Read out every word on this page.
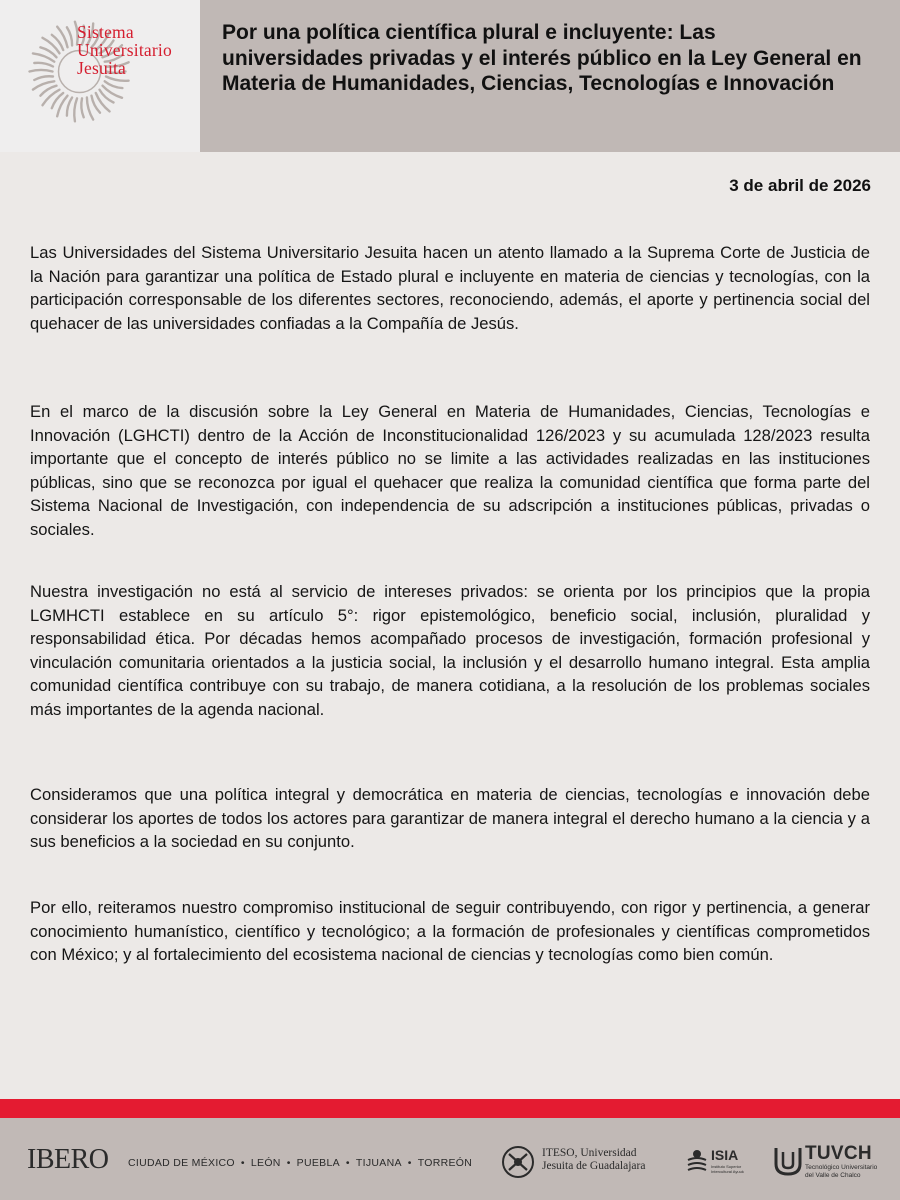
Sistema
Universitario
Jesuita
Por una política científica plural e incluyente: Las universidades privadas y el interés público en la Ley General en Materia de Humanidades, Ciencias, Tecnologías e Innovación
3 de abril de 2026

Las Universidades del Sistema Universitario Jesuita hacen un atento llamado a la Suprema Corte de Justicia de la Nación para garantizar una política de Estado plural e incluyente en materia de ciencias y tecnologías, con la participación corresponsable de los diferentes sectores, reconociendo, además, el aporte y pertinencia social del quehacer de las universidades confiadas a la Compañía de Jesús.

En el marco de la discusión sobre la Ley General en Materia de Humanidades, Ciencias, Tecnologías e Innovación (LGHCTI) dentro de la Acción de Inconstitucionalidad 126/2023 y su acumulada 128/2023 resulta importante que el concepto de interés público no se limite a las actividades realizadas en las instituciones públicas, sino que se reconozca por igual el quehacer que realiza la comunidad científica que forma parte del Sistema Nacional de Investigación, con independencia de su adscripción a instituciones públicas, privadas o sociales.

Nuestra investigación no está al servicio de intereses privados: se orienta por los principios que la propia LGMHCTI establece en su artículo 5°: rigor epistemológico, beneficio social, inclusión, pluralidad y responsabilidad ética. Por décadas hemos acompañado procesos de investigación, formación profesional y vinculación comunitaria orientados a la justicia social, la inclusión y el desarrollo humano integral. Esta amplia comunidad científica contribuye con su trabajo, de manera cotidiana, a la resolución de los problemas sociales más importantes de la agenda nacional.

Consideramos que una política integral y democrática en materia de ciencias, tecnologías e innovación debe considerar los aportes de todos los actores para garantizar de manera integral el derecho humano a la ciencia y a sus beneficios a la sociedad en su conjunto.

Por ello, reiteramos nuestro compromiso institucional de seguir contribuyendo, con rigor y pertinencia, a generar conocimiento humanístico, científico y tecnológico; a la formación de profesionales y científicas comprometidos con México; y al fortalecimiento del ecosistema nacional de ciencias y tecnologías como bien común.

IBERO CIUDAD DE MÉXICO • LEÓN • PUEBLA • TIJUANA • TORREÓN
ITESO, Universidad
Jesuita de Guadalajara
ISIA
Instituto Superior Intercultural Ayuuk
TUVCH
Tecnológico Universitario del Valle de Chalco
